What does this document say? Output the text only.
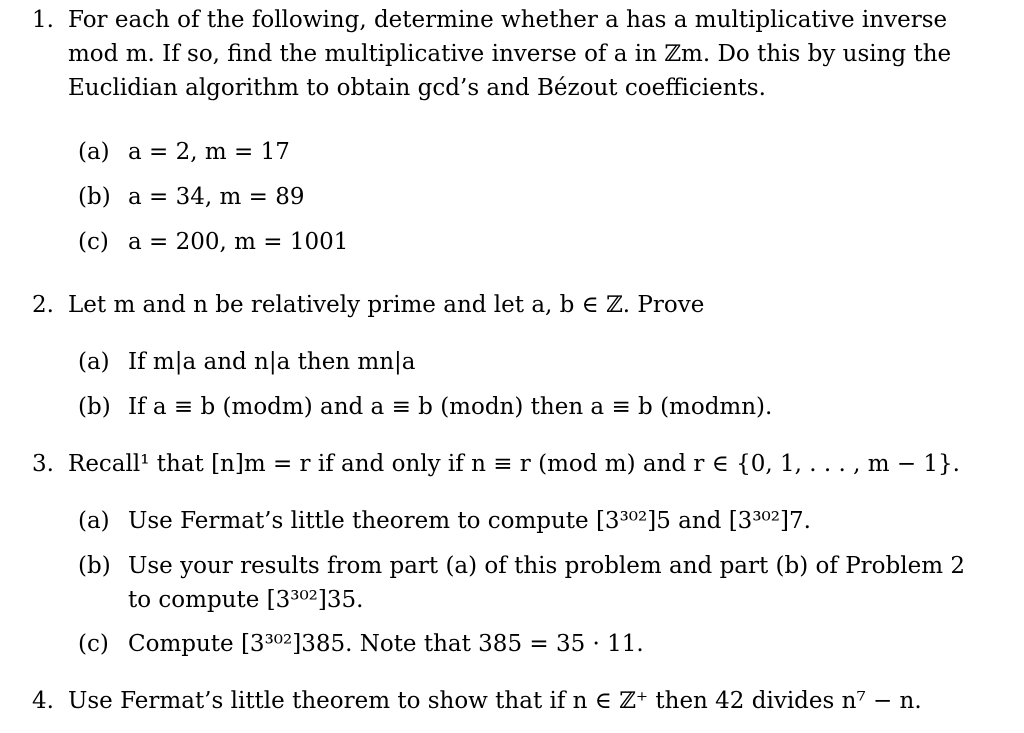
1. For each of the following, determine whether a has a multiplicative inverse
mod m. If so, find the multiplicative inverse of a in ℤm. Do this by using the
Euclidian algorithm to obtain gcd’s and Bézout coefficients.
(a) a = 2, m = 17
(b) a = 34, m = 89
(c) a = 200, m = 1001
2. Let m and n be relatively prime and let a, b ∈ ℤ. Prove
(a) If m|a and n|a then mn|a
(b) If a ≡ b (modm) and a ≡ b (modn) then a ≡ b (modmn).
3. Recall¹ that [n]m = r if and only if n ≡ r (mod m) and r ∈ {0, 1, . . . , m − 1}.
(a) Use Fermat’s little theorem to compute [3³⁰²]5 and [3³⁰²]7.
(b) Use your results from part (a) of this problem and part (b) of Problem 2
to compute [3³⁰²]35.
(c) Compute [3³⁰²]385. Note that 385 = 35 · 11.
4. Use Fermat’s little theorem to show that if n ∈ ℤ⁺ then 42 divides n⁷ − n.
